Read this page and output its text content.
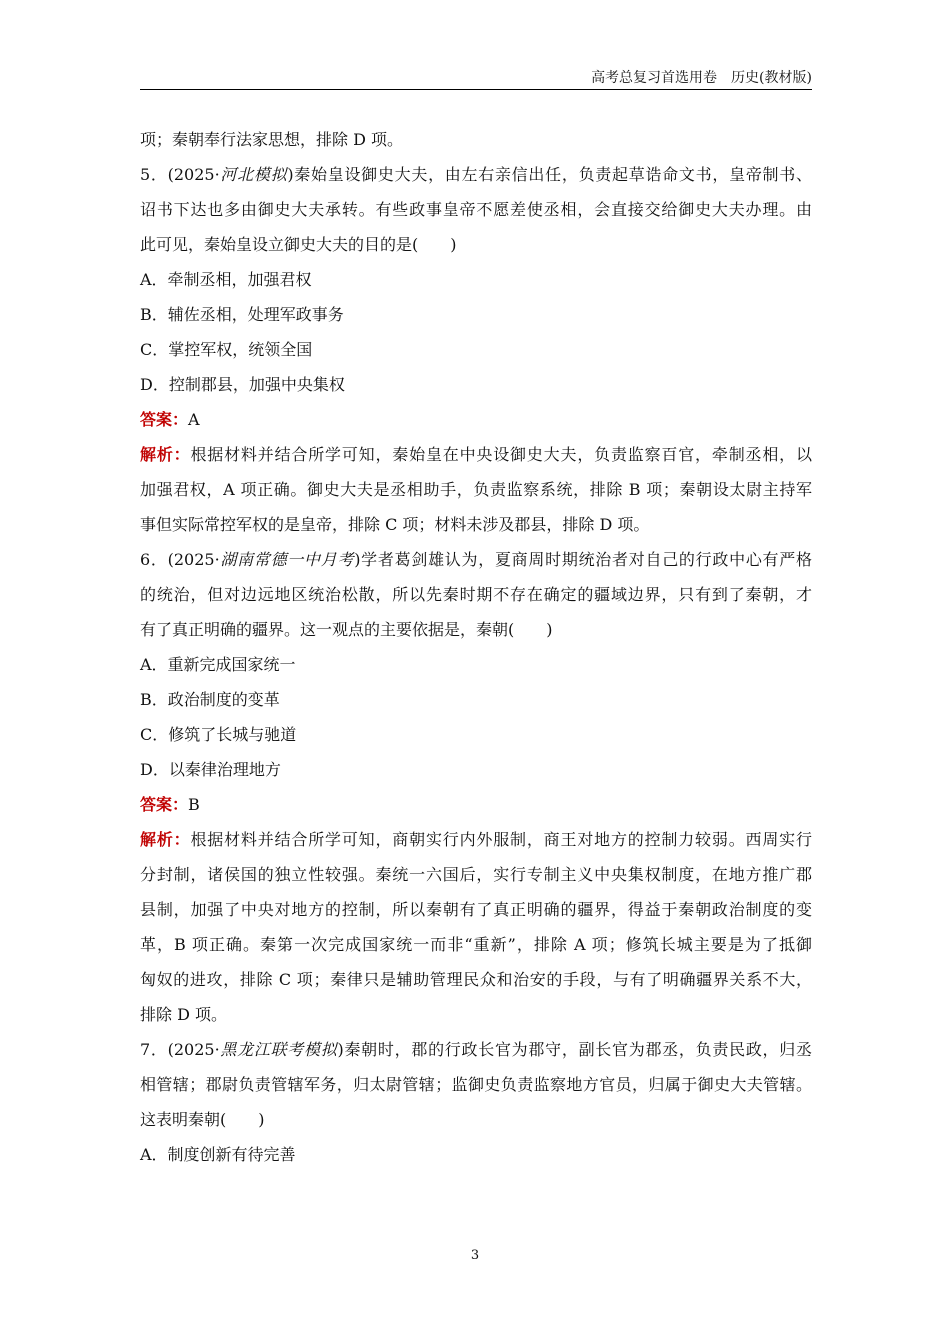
高考总复习首选用卷　历史(教材版)
项；秦朝奉行法家思想，排除 D 项。
5．(2025·河北模拟)秦始皇设御史大夫，由左右亲信出任，负责起草诰命文书，皇帝制书、
诏书下达也多由御史大夫承转。有些政事皇帝不愿差使丞相，会直接交给御史大夫办理。由
此可见，秦始皇设立御史大夫的目的是(　　)
A．牵制丞相，加强君权
B．辅佐丞相，处理军政事务
C．掌控军权，统领全国
D．控制郡县，加强中央集权
答案：A
解析：根据材料并结合所学可知，秦始皇在中央设御史大夫，负责监察百官，牵制丞相，以
加强君权，A 项正确。御史大夫是丞相助手，负责监察系统，排除 B 项；秦朝设太尉主持军
事但实际常控军权的是皇帝，排除 C 项；材料未涉及郡县，排除 D 项。
6．(2025·湖南常德一中月考)学者葛剑雄认为，夏商周时期统治者对自己的行政中心有严格
的统治，但对边远地区统治松散，所以先秦时期不存在确定的疆域边界，只有到了秦朝，才
有了真正明确的疆界。这一观点的主要依据是，秦朝(　　)
A．重新完成国家统一
B．政治制度的变革
C．修筑了长城与驰道
D．以秦律治理地方
答案：B
解析：根据材料并结合所学可知，商朝实行内外服制，商王对地方的控制力较弱。西周实行
分封制，诸侯国的独立性较强。秦统一六国后，实行专制主义中央集权制度，在地方推广郡
县制，加强了中央对地方的控制，所以秦朝有了真正明确的疆界，得益于秦朝政治制度的变
革，B 项正确。秦第一次完成国家统一而非“重新”，排除 A 项；修筑长城主要是为了抵御
匈奴的进攻，排除 C 项；秦律只是辅助管理民众和治安的手段，与有了明确疆界关系不大，
排除 D 项。
7．(2025·黑龙江联考模拟)秦朝时，郡的行政长官为郡守，副长官为郡丞，负责民政，归丞
相管辖；郡尉负责管辖军务，归太尉管辖；监御史负责监察地方官员，归属于御史大夫管辖。
这表明秦朝(　　)
A．制度创新有待完善
3
